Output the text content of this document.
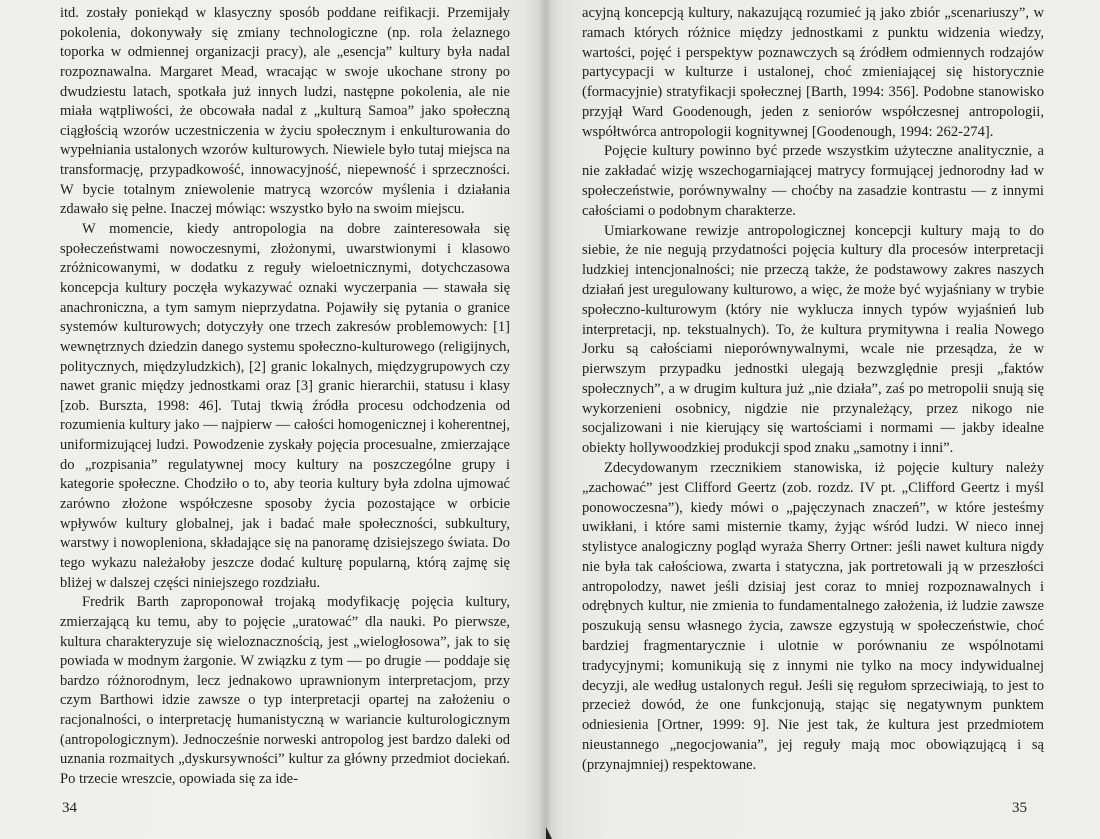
itd. zostały poniekąd w klasyczny sposób poddane reifikacji. Przemijały pokolenia, dokonywały się zmiany technologiczne (np. rola żelaznego toporka w odmiennej organizacji pracy), ale „esencja” kultury była nadal rozpoznawalna. Margaret Mead, wracając w swoje ukochane strony po dwudziestu latach, spotkała już innych ludzi, następne pokolenia, ale nie miała wątpliwości, że obcowała nadal z „kulturą Samoa” jako społeczną ciągłością wzorów uczestniczenia w życiu społecznym i enkulturowania do wypełniania ustalonych wzorów kulturowych. Niewiele było tutaj miejsca na transformację, przypadkowość, innowacyjność, niepewność i sprzeczności. W bycie totalnym zniewolenie matrycą wzorców myślenia i działania zdawało się pełne. Inaczej mówiąc: wszystko było na swoim miejscu.

W momencie, kiedy antropologia na dobre zainteresowała się społeczeństwami nowoczesnymi, złożonymi, uwarstwionymi i klasowo zróżnicowanymi, w dodatku z reguły wieloetnicznymi, dotychczasowa koncepcja kultury poczęła wykazywać oznaki wyczerpania — stawała się anachroniczna, a tym samym nieprzydatna. Pojawiły się pytania o granice systemów kulturowych; dotyczyły one trzech zakresów problemowych: [1] wewnętrznych dziedzin danego systemu społeczno-kulturowego (religijnych, politycznych, międzyludzkich), [2] granic lokalnych, międzygrupowych czy nawet granic między jednostkami oraz [3] granic hierarchii, statusu i klasy [zob. Burszta, 1998: 46]. Tutaj tkwią źródła procesu odchodzenia od rozumienia kultury jako — najpierw — całości homogenicznej i koherentnej, uniformizującej ludzi. Powodzenie zyskały pojęcia procesualne, zmierzające do „rozpisania” regulatywnej mocy kultury na poszczególne grupy i kategorie społeczne. Chodziło o to, aby teoria kultury była zdolna ujmować zarówno złożone współczesne sposoby życia pozostające w orbicie wpływów kultury globalnej, jak i badać małe społeczności, subkultury, warstwy i nowopleniona, składające się na panoramę dzisiejszego świata. Do tego wykazu należałoby jeszcze dodać kulturę popularną, którą zajmę się bliżej w dalszej części niniejszego rozdziału.

Fredrik Barth zaproponował trojaką modyfikację pojęcia kultury, zmierzającą ku temu, aby to pojęcie „uratować” dla nauki. Po pierwsze, kultura charakteryzuje się wieloznacznością, jest „wielogłosowa”, jak to się powiada w modnym żargonie. W związku z tym — po drugie — poddaje się bardzo różnorodnym, lecz jednakowo uprawnionym interpretacjom, przy czym Barthowi idzie zawsze o typ interpretacji opartej na założeniu o racjonalności, o interpretację humanistyczną w wariancie kulturologicznym (antropologicznym). Jednocześnie norweski antropolog jest bardzo daleki od uznania rozmaitych „dyskursywności” kultur za główny przedmiot dociekań. Po trzecie wreszcie, opowiada się za ide-

34

acyjną koncepcją kultury, nakazującą rozumieć ją jako zbiór „scenariuszy”, w ramach których różnice między jednostkami z punktu widzenia wiedzy, wartości, pojęć i perspektyw poznawczych są źródłem odmiennych rodzajów partycypacji w kulturze i ustalonej, choć zmieniającej się historycznie (formacyjnie) stratyfikacji społecznej [Barth, 1994: 356]. Podobne stanowisko przyjął Ward Goodenough, jeden z seniorów współczesnej antropologii, współtwórca antropologii kognitywnej [Goodenough, 1994: 262-274].

Pojęcie kultury powinno być przede wszystkim użyteczne analitycznie, a nie zakładać wizję wszechogarniającej matrycy formującej jednorodny ład w społeczeństwie, porównywalny — choćby na zasadzie kontrastu — z innymi całościami o podobnym charakterze.

Umiarkowane rewizje antropologicznej koncepcji kultury mają to do siebie, że nie negują przydatności pojęcia kultury dla procesów interpretacji ludzkiej intencjonalności; nie przeczą także, że podstawowy zakres naszych działań jest uregulowany kulturowo, a więc, że może być wyjaśniany w trybie społeczno-kulturowym (który nie wyklucza innych typów wyjaśnień lub interpretacji, np. tekstualnych). To, że kultura prymitywna i realia Nowego Jorku są całościami nieporównywalnymi, wcale nie przesądza, że w pierwszym przypadku jednostki ulegają bezwzględnie presji „faktów społecznych”, a w drugim kultura już „nie działa”, zaś po metropolii snują się wykorzenieni osobnicy, nigdzie nie przynależący, przez nikogo nie socjalizowani i nie kierujący się wartościami i normami — jakby idealne obiekty hollywoodzkiej produkcji spod znaku „samotny i inni”.

Zdecydowanym rzecznikiem stanowiska, iż pojęcie kultury należy „zachować” jest Clifford Geertz (zob. rozdz. IV pt. „Clifford Geertz i myśl ponowoczesna”), kiedy mówi o „pajęczynach znaczeń”, w które jesteśmy uwikłani, i które sami misternie tkamy, żyjąc wśród ludzi. W nieco innej stylistyce analogiczny pogląd wyraża Sherry Ortner: jeśli nawet kultura nigdy nie była tak całościowa, zwarta i statyczna, jak portretowali ją w przeszłości antropolodzy, nawet jeśli dzisiaj jest coraz to mniej rozpoznawalnych i odrębnych kultur, nie zmienia to fundamentalnego założenia, iż ludzie zawsze poszukują sensu własnego życia, zawsze egzystują w społeczeństwie, choć bardziej fragmentarycznie i ulotnie w porównaniu ze wspólnotami tradycyjnymi; komunikują się z innymi nie tylko na mocy indywidualnej decyzji, ale według ustalonych reguł. Jeśli się regułom sprzeciwiają, to jest to przecież dowód, że one funkcjonują, stając się negatywnym punktem odniesienia [Ortner, 1999: 9]. Nie jest tak, że kultura jest przedmiotem nieustannego „negocjowania”, jej reguły mają moc obowiązującą i są (przynajmniej) respektowane.

35
